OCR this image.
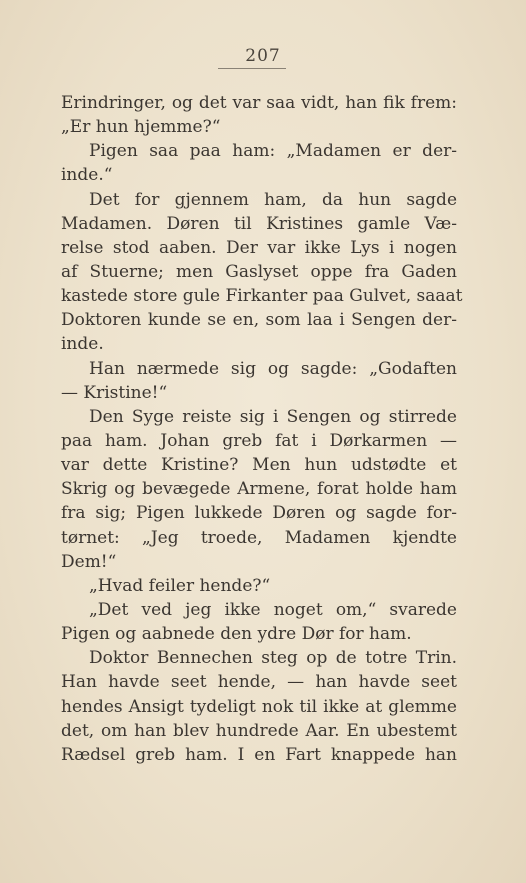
207
Erindringer, og det var saa vidt, han fik frem:
„Er hun hjemme?“
Pigen saa paa ham: „Madamen er der-
inde.“
Det for gjennem ham, da hun sagde
Madamen. Døren til Kristines gamle Væ-
relse stod aaben. Der var ikke Lys i nogen
af Stuerne; men Gaslyset oppe fra Gaden
kastede store gule Firkanter paa Gulvet, saaat
Doktoren kunde se en, som laa i Sengen der-
inde.
Han nærmede sig og sagde: „Godaften
— Kristine!“
Den Syge reiste sig i Sengen og stirrede
paa ham. Johan greb fat i Dørkarmen —
var dette Kristine? Men hun udstødte et
Skrig og bevægede Armene, forat holde ham
fra sig; Pigen lukkede Døren og sagde for-
tørnet: „Jeg troede, Madamen kjendte
Dem!“
„Hvad feiler hende?“
„Det ved jeg ikke noget om,“ svarede
Pigen og aabnede den ydre Dør for ham.
Doktor Bennechen steg op de totre Trin.
Han havde seet hende, — han havde seet
hendes Ansigt tydeligt nok til ikke at glemme
det, om han blev hundrede Aar. En ubestemt
Rædsel greb ham. I en Fart knappede han
